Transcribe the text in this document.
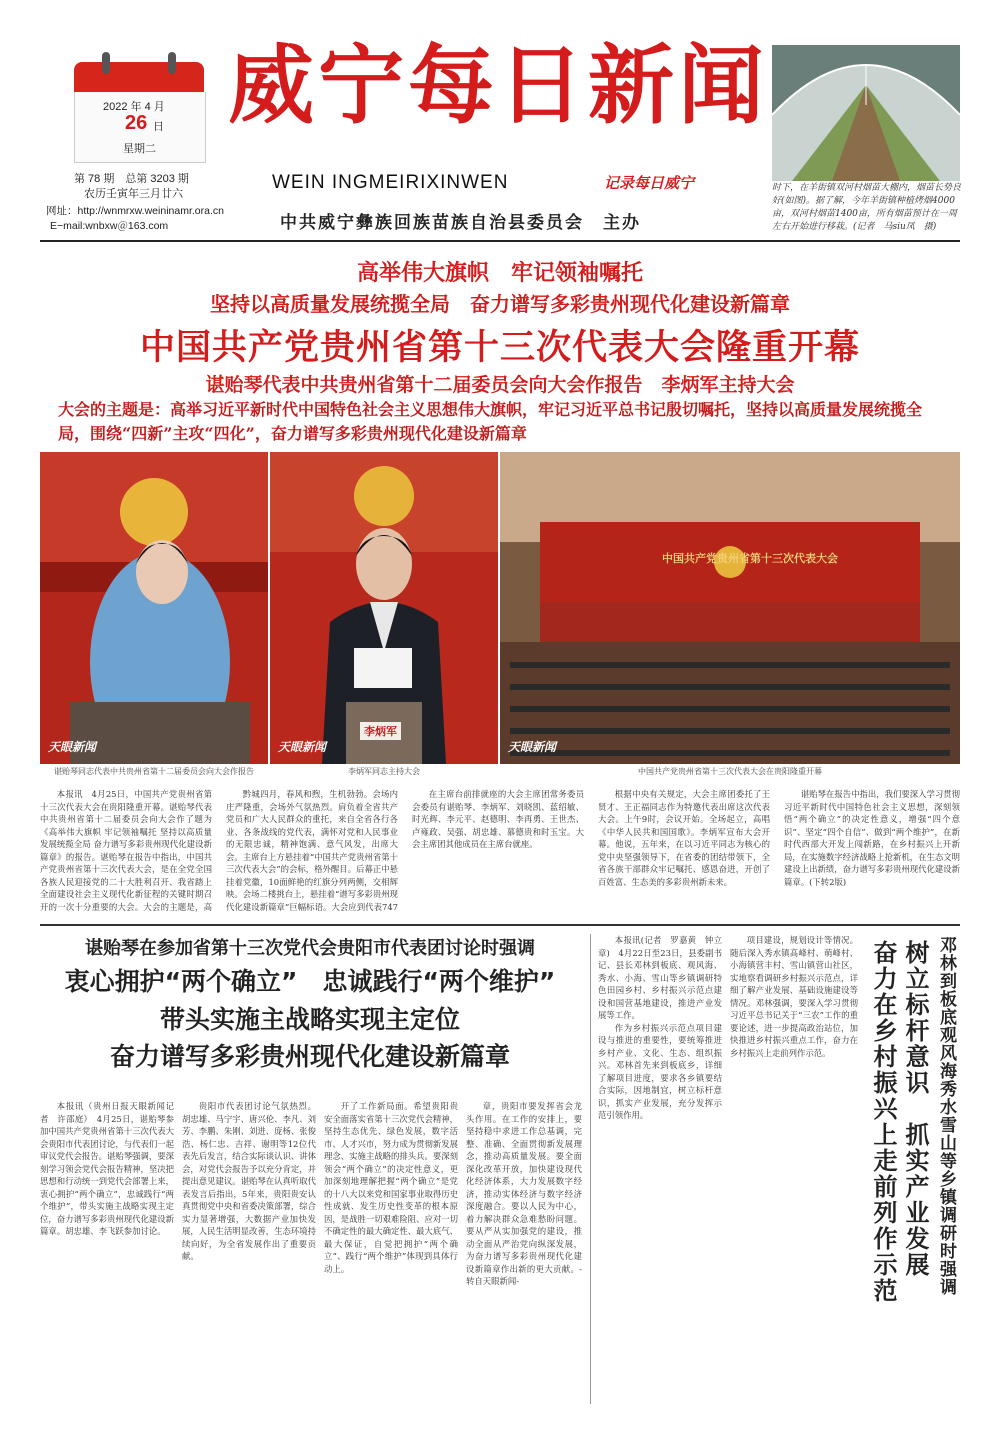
2022 年 4 月
26 日
星期二
第 78 期　总第 3203 期
农历壬寅年三月廿六
网址：http://wnmrxw.weininamr.ora.cn
E−mail:wnbxw＠163.com
威宁每日新闻
WEIN INGMEIRIXINWEN	记录每日威宁
中共威宁彝族回族苗族自治县委员会　主办
时下，在羊街镇双河村烟苗大棚内，烟苗长势良好(如图)。据了解，今年羊街镇种植烤烟4000亩，双河村烟苗1400亩，所有烟苗预计在一周左右开始进行移栽。(记者　马siu凤　摄)
高举伟大旗帜　牢记领袖嘱托
坚持以高质量发展统揽全局　奋力谱写多彩贵州现代化建设新篇章
中国共产党贵州省第十三次代表大会隆重开幕
谌贻琴代表中共贵州省第十二届委员会向大会作报告　李炳军主持大会
大会的主题是：高举习近平新时代中国特色社会主义思想伟大旗帜，牢记习近平总书记殷切嘱托，坚持以高质量发展统揽全局，围绕“四新”主攻“四化”，奋力谱写多彩贵州现代化建设新篇章
天眼新闻
谌贻琴同志代表中共贵州省第十二届委员会向大会作报告
李炳军
天眼新闻
李炳军同志主持大会
中国共产党贵州省第十三次代表大会
天眼新闻
中国共产党贵州省第十三次代表大会在贵阳隆重开幕

本报讯　4月25日，中国共产党贵州省第十三次代表大会在贵阳隆重开幕。谌贻琴代表中共贵州省第十二届委员会向大会作了题为《高举伟大旗帜 牢记领袖嘱托 坚持以高质量发展统揽全局 奋力谱写多彩贵州现代化建设新篇章》的报告。谌贻琴在报告中指出，中国共产党贵州省第十三次代表大会，是在全党全国各族人民迎接党的二十大胜利召开、我省踏上全面建设社会主义现代化新征程的关键时期召开的一次十分重要的大会。大会的主题是，高

黔城四月，春风和煦，生机勃勃。会场内庄严隆重，会场外气氛热烈。肩负着全省共产党员和广大人民群众的重托，来自全省各行各业、各条战线的党代表，满怀对党和人民事业的无限忠诚，精神饱满、意气风发，出席大会。主席台上方悬挂着“中国共产党贵州省第十三次代表大会”的会标，格外醒目。后幕正中悬挂着党徽，10面鲜艳的红旗分列两侧，交相辉映。会场二楼挑台上，悬挂着“谱写多彩贵州现代化建设新篇章”巨幅标语。大会应到代表747

在主席台前排就座的大会主席团常务委员会委员有谌贻琴、李炳军、刘晓凯、蓝绍敏、时光辉、李元平、赵德明、李再勇、王世杰、卢雍政、吴强、胡忠雄、慕德贵和时玉宝。大会主席团其他成员在主席台就座。

根据中央有关规定，大会主席团委托了王贤才、王正福同志作为特邀代表出席这次代表大会。上午9时，会议开始。全场起立，高唱《中华人民共和国国歌》。李炳军宣布大会开幕。他说，五年来，在以习近平同志为核心的党中央坚强领导下，在省委的团结带领下，全省各族干部群众牢记嘱托、感恩奋进，开创了百姓富、生态美的多彩贵州新未来。

谌贻琴在报告中指出，我们要深入学习贯彻习近平新时代中国特色社会主义思想，深刻领悟“两个确立”的决定性意义，增强“四个意识”、坚定“四个自信”、做到“两个维护”，在新时代西部大开发上闯新路，在乡村振兴上开新局，在实施数字经济战略上抢新机，在生态文明建设上出新绩，奋力谱写多彩贵州现代化建设新篇章。(下转2版)

谌贻琴在参加省第十三次党代会贵阳市代表团讨论时强调
衷心拥护“两个确立”　忠诚践行“两个维护”
带头实施主战略实现主定位
奋力谱写多彩贵州现代化建设新篇章

本报讯（贵州日报天眼新闻记者　许邵庭）　4月25日，谌贻琴参加中国共产党贵州省第十三次代表大会贵阳市代表团讨论，与代表们一起审议党代会报告。谌贻琴强调，要深刻学习领会党代会报告精神，坚决把思想和行动统一到党代会部署上来，衷心拥护“两个确立”，忠诚践行“两个维护”，带头实施主战略实现主定位，奋力谱写多彩贵州现代化建设新篇章。胡忠雄、李飞跃参加讨论。

贵阳市代表团讨论气氛热烈。胡忠雄、马宁宇、唐兴伦、李凡、刘芳、李鹏、朱刚、刘进、庞杨、张俊浩、杨仁忠、吉祥、谢明等12位代表先后发言，结合实际谈认识、讲体会，对党代会报告予以充分肯定，并提出意见建议。谌贻琴在认真听取代表发言后指出，5年来，贵阳贵安认真贯彻党中央和省委决策部署，综合实力显著增强，大数据产业加快发展，人民生活明显改善，生态环境持续向好，为全省发展作出了重要贡献。

开了工作新局面。希望贵阳贵安全面落实省第十三次党代会精神，坚持生态优先、绿色发展，数字活市、人才兴市，努力成为贯彻新发展理念、实施主战略的排头兵。要深刻领会“两个确立”的决定性意义，更加深刻地理解把握“两个确立”是党的十八大以来党和国家事业取得历史性成就、发生历史性变革的根本原因，是战胜一切艰难险阻、应对一切不确定性的最大确定性、最大底气、最大保证，自觉把拥护“两个确立”、践行“两个维护”体现到具体行动上。

章，贵阳市要发挥省会龙头作用。在工作的安排上，要坚持稳中求进工作总基调，完整、准确、全面贯彻新发展理念，推动高质量发展。要全面深化改革开放，加快建设现代化经济体系，大力发展数字经济，推动实体经济与数字经济深度融合。要以人民为中心，着力解决群众急难愁盼问题。要从严从实加强党的建设，推动全面从严治党向纵深发展，为奋力谱写多彩贵州现代化建设新篇章作出新的更大贡献。-转自天眼新闻-

本报讯(记者　罗嘉黄　钟立章)　4月22日至23日，县委副书记、县长邓林到板底、观风海、秀水、小海、雪山等乡镇调研特色田园乡村、乡村振兴示范点建设和国营基地建设，推进产业发展等工作。

作为乡村振兴示范点项目建设与推进的重要性，要统筹推进乡村产业、文化、生态、组织振兴。邓林首先来到板底乡，详细了解项目进度，要求各乡镇要结合实际，因地制宜，树立标杆意识，抓实产业发展，充分发挥示范引领作用。

项目建设，规划设计等情况。随后深入秀水镇高峰村、萌峰村、小海镇营丰村、雪山镇营山社区，实地察看调研乡村振兴示范点，详细了解产业发展、基础设施建设等情况。邓林强调，要深入学习贯彻习近平总书记关于“三农”工作的重要论述，进一步提高政治站位，加快推进乡村振兴重点工作，奋力在乡村振兴上走前列作示范。	奋力在乡村振兴上走前列作示范 树立标杆意识　抓实产业发展 邓林到板底观风海秀水雪山等乡镇调研时强调
